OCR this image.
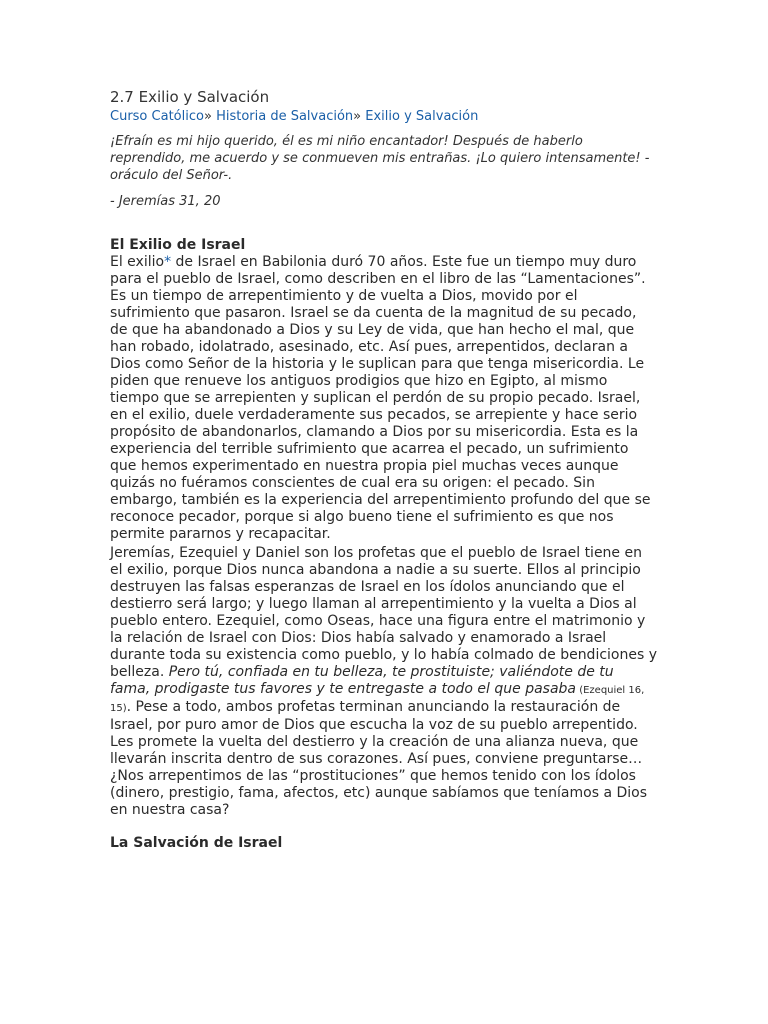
2.7 Exilio y Salvación
Curso Católico» Historia de Salvación» Exilio y Salvación
¡Efraín es mi hijo querido, él es mi niño encantador! Después de haberlo reprendido, me acuerdo y se conmueven mis entrañas. ¡Lo quiero intensamente! -oráculo del Señor-.
- Jeremías 31, 20
El Exilio de Israel

El exilio* de Israel en Babilonia duró 70 años. Este fue un tiempo muy duro para el pueblo de Israel, como describen en el libro de las “Lamentaciones”. Es un tiempo de arrepentimiento y de vuelta a Dios, movido por el sufrimiento que pasaron. Israel se da cuenta de la magnitud de su pecado, de que ha abandonado a Dios y su Ley de vida, que han hecho el mal, que han robado, idolatrado, asesinado, etc. Así pues, arrepentidos, declaran a Dios como Señor de la historia y le suplican para que tenga misericordia. Le piden que renueve los antiguos prodigios que hizo en Egipto, al mismo tiempo que se arrepienten y suplican el perdón de su propio pecado. Israel, en el exilio, duele verdaderamente sus pecados, se arrepiente y hace serio propósito de abandonarlos, clamando a Dios por su misericordia. Esta es la experiencia del terrible sufrimiento que acarrea el pecado, un sufrimiento que hemos experimentado en nuestra propia piel muchas veces aunque quizás no fuéramos conscientes de cual era su origen: el pecado. Sin embargo, también es la experiencia del arrepentimiento profundo del que se reconoce pecador, porque si algo bueno tiene el sufrimiento es que nos permite pararnos y recapacitar.

Jeremías, Ezequiel y Daniel son los profetas que el pueblo de Israel tiene en el exilio, porque Dios nunca abandona a nadie a su suerte. Ellos al principio destruyen las falsas esperanzas de Israel en los ídolos anunciando que el destierro será largo; y luego llaman al arrepentimiento y la vuelta a Dios al pueblo entero. Ezequiel, como Oseas, hace una figura entre el matrimonio y la relación de Israel con Dios: Dios había salvado y enamorado a Israel durante toda su existencia como pueblo, y lo había colmado de bendiciones y belleza. Pero tú, confiada en tu belleza, te prostituiste; valiéndote de tu fama, prodigaste tus favores y te entregaste a todo el que pasaba (Ezequiel 16, 15). Pese a todo, ambos profetas terminan anunciando la restauración de Israel, por puro amor de Dios que escucha la voz de su pueblo arrepentido. Les promete la vuelta del destierro y la creación de una alianza nueva, que llevarán inscrita dentro de sus corazones. Así pues, conviene preguntarse… ¿Nos arrepentimos de las “prostituciones” que hemos tenido con los ídolos (dinero, prestigio, fama, afectos, etc) aunque sabíamos que teníamos a Dios en nuestra casa?

La Salvación de Israel
